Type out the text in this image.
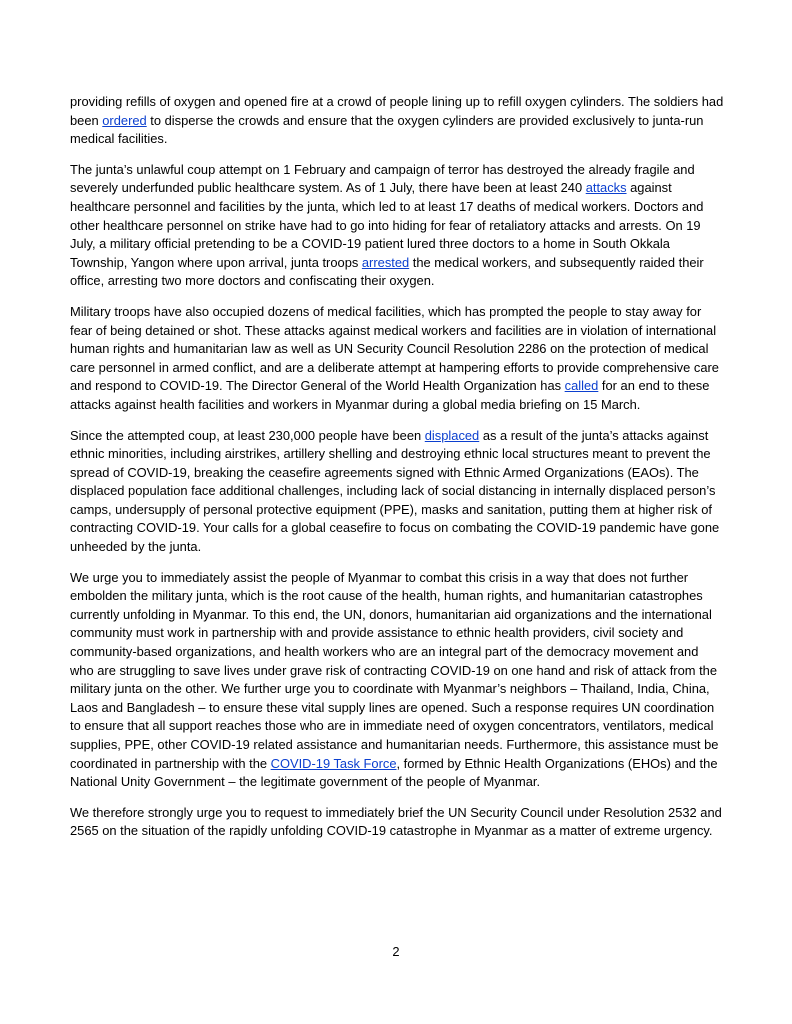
providing refills of oxygen and opened fire at a crowd of people lining up to refill oxygen cylinders. The soldiers had been ordered to disperse the crowds and ensure that the oxygen cylinders are provided exclusively to junta-run medical facilities.

The junta’s unlawful coup attempt on 1 February and campaign of terror has destroyed the already fragile and severely underfunded public healthcare system. As of 1 July, there have been at least 240 attacks against healthcare personnel and facilities by the junta, which led to at least 17 deaths of medical workers. Doctors and other healthcare personnel on strike have had to go into hiding for fear of retaliatory attacks and arrests. On 19 July, a military official pretending to be a COVID-19 patient lured three doctors to a home in South Okkala Township, Yangon where upon arrival, junta troops arrested the medical workers, and subsequently raided their office, arresting two more doctors and confiscating their oxygen.

Military troops have also occupied dozens of medical facilities, which has prompted the people to stay away for fear of being detained or shot. These attacks against medical workers and facilities are in violation of international human rights and humanitarian law as well as UN Security Council Resolution 2286 on the protection of medical care personnel in armed conflict, and are a deliberate attempt at hampering efforts to provide comprehensive care and respond to COVID-19. The Director General of the World Health Organization has called for an end to these attacks against health facilities and workers in Myanmar during a global media briefing on 15 March.

Since the attempted coup, at least 230,000 people have been displaced as a result of the junta’s attacks against ethnic minorities, including airstrikes, artillery shelling and destroying ethnic local structures meant to prevent the spread of COVID-19, breaking the ceasefire agreements signed with Ethnic Armed Organizations (EAOs). The displaced population face additional challenges, including lack of social distancing in internally displaced person’s camps, undersupply of personal protective equipment (PPE), masks and sanitation, putting them at higher risk of contracting COVID-19. Your calls for a global ceasefire to focus on combating the COVID-19 pandemic have gone unheeded by the junta.

We urge you to immediately assist the people of Myanmar to combat this crisis in a way that does not further embolden the military junta, which is the root cause of the health, human rights, and humanitarian catastrophes currently unfolding in Myanmar. To this end, the UN, donors, humanitarian aid organizations and the international community must work in partnership with and provide assistance to ethnic health providers, civil society and community-based organizations, and health workers who are an integral part of the democracy movement and who are struggling to save lives under grave risk of contracting COVID-19 on one hand and risk of attack from the military junta on the other. We further urge you to coordinate with Myanmar’s neighbors – Thailand, India, China, Laos and Bangladesh – to ensure these vital supply lines are opened. Such a response requires UN coordination to ensure that all support reaches those who are in immediate need of oxygen concentrators, ventilators, medical supplies, PPE, other COVID-19 related assistance and humanitarian needs. Furthermore, this assistance must be coordinated in partnership with the COVID-19 Task Force, formed by Ethnic Health Organizations (EHOs) and the National Unity Government – the legitimate government of the people of Myanmar.

We therefore strongly urge you to request to immediately brief the UN Security Council under Resolution 2532 and 2565 on the situation of the rapidly unfolding COVID-19 catastrophe in Myanmar as a matter of extreme urgency.

2
